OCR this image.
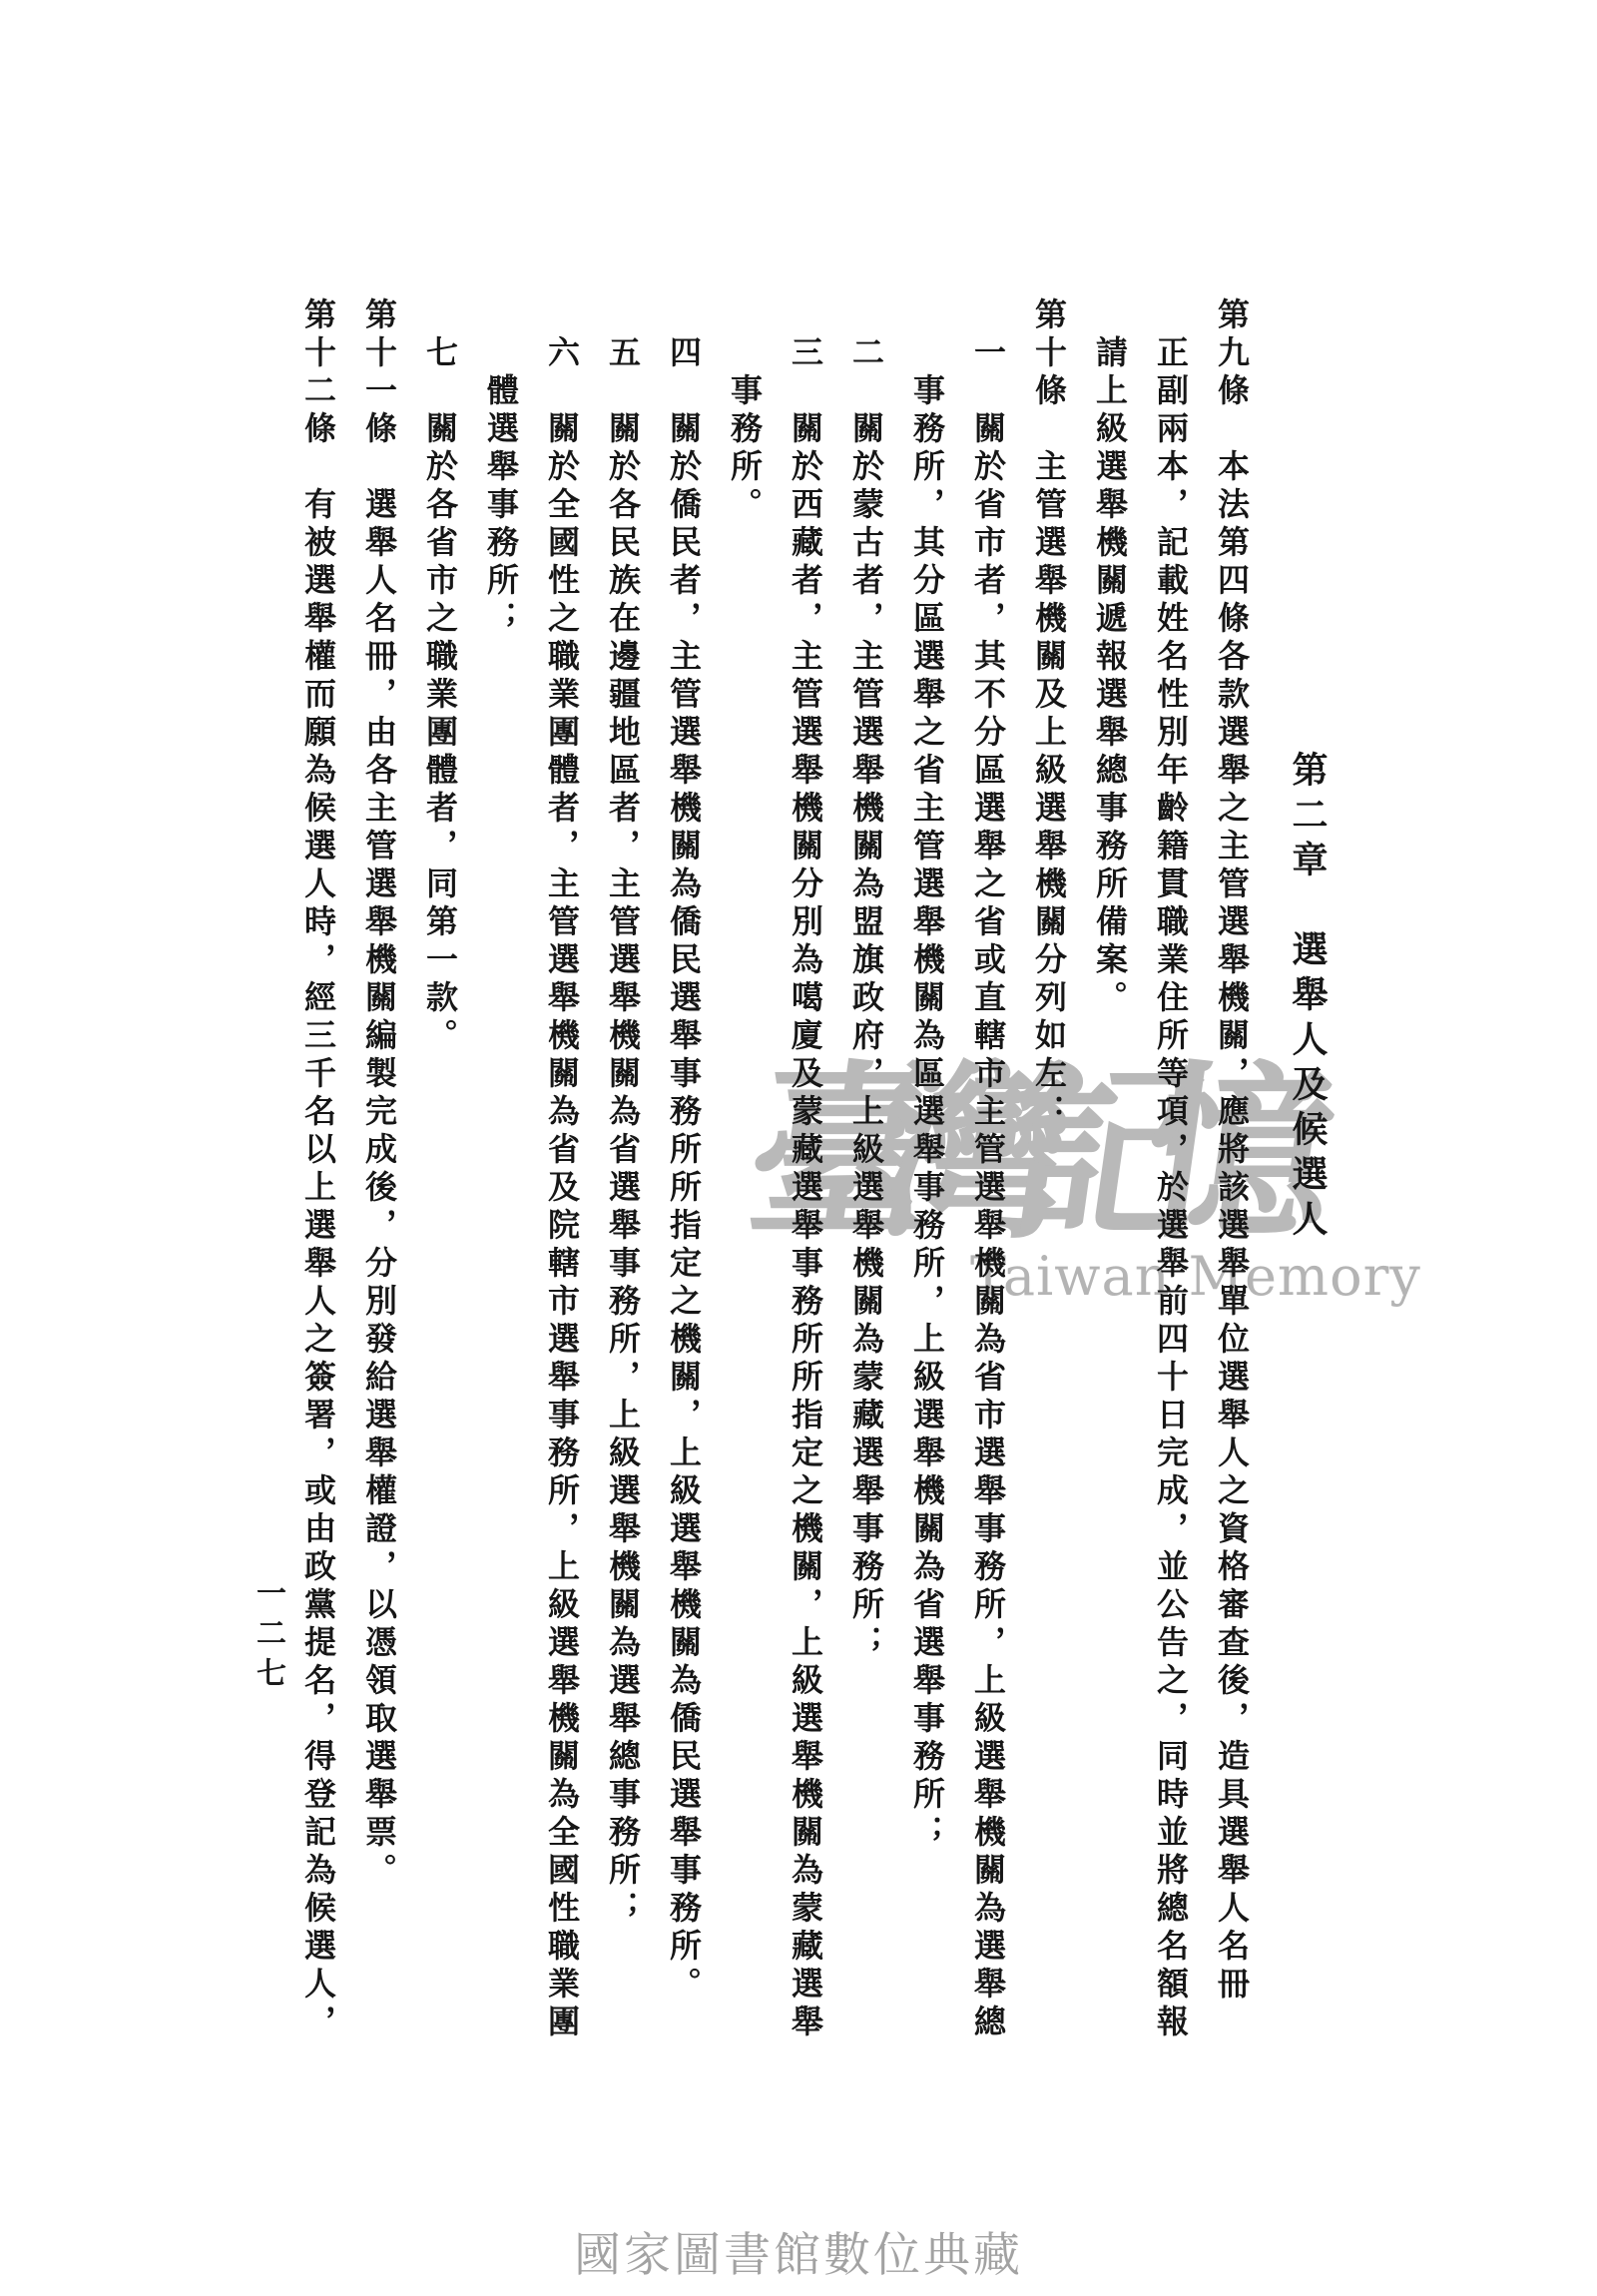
第二章　選舉人及候選人
第九條　本法第四條各款選舉之主管選舉機關，應將該選舉單位選舉人之資格審查後，造具選舉人名冊
　正副兩本，記載姓名性別年齡籍貫職業住所等項，於選舉前四十日完成，並公告之，同時並將總名額報
　請上級選舉機關遞報選舉總事務所備案。
第十條　主管選舉機關及上級選舉機關分列如左：
　一　關於省市者，其不分區選舉之省或直轄市主管選舉機關為省市選舉事務所，上級選舉機關為選舉總
　　事務所，其分區選舉之省主管選舉機關為區選舉事務所，上級選舉機關為省選舉事務所；
　二　關於蒙古者，主管選舉機關為盟旗政府，上級選舉機關為蒙藏選舉事務所；
　三　關於西藏者，主管選舉機關分別為噶廈及蒙藏選舉事務所所指定之機關，上級選舉機關為蒙藏選舉
　　事務所。
　四　關於僑民者，主管選舉機關為僑民選舉事務所所指定之機關，上級選舉機關為僑民選舉事務所。
　五　關於各民族在邊疆地區者，主管選舉機關為省選舉事務所，上級選舉機關為選舉總事務所；
　六　關於全國性之職業團體者，主管選舉機關為省及院轄市選舉事務所，上級選舉機關為全國性職業團
　　體選舉事務所；
　七　關於各省市之職業團體者，同第一款。
第十一條　選舉人名冊，由各主管選舉機關編製完成後，分別發給選舉權證，以憑領取選舉票。
第十二條　有被選舉權而願為候選人時，經三千名以上選舉人之簽署，或由政黨提名，得登記為候選人， 臺灣記憶
Taiwan Memory
一二七
國家圖書館數位典藏
